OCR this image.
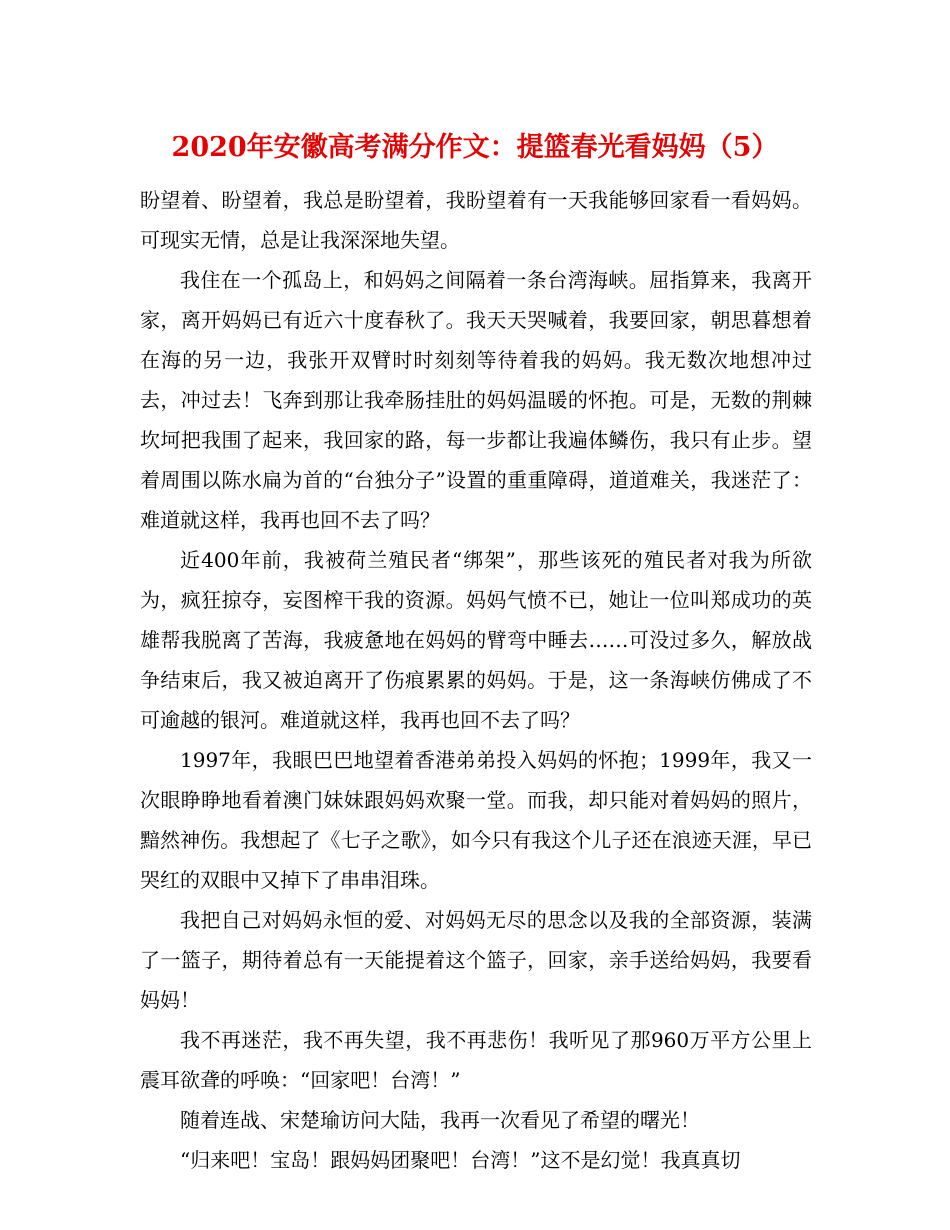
2020年安徽高考满分作文：提篮春光看妈妈（5）

盼望着、盼望着，我总是盼望着，我盼望着有一天我能够回家看一看妈妈。可现实无情，总是让我深深地失望。

我住在一个孤岛上，和妈妈之间隔着一条台湾海峡。屈指算来，我离开家，离开妈妈已有近六十度春秋了。我天天哭喊着，我要回家，朝思暮想着在海的另一边，我张开双臂时时刻刻等待着我的妈妈。我无数次地想冲过去，冲过去！飞奔到那让我牵肠挂肚的妈妈温暖的怀抱。可是，无数的荆棘坎坷把我围了起来，我回家的路，每一步都让我遍体鳞伤，我只有止步。望着周围以陈水扁为首的“台独分子”设置的重重障碍，道道难关，我迷茫了：难道就这样，我再也回不去了吗？

近400年前，我被荷兰殖民者“绑架”，那些该死的殖民者对我为所欲为，疯狂掠夺，妄图榨干我的资源。妈妈气愤不已，她让一位叫郑成功的英雄帮我脱离了苦海，我疲惫地在妈妈的臂弯中睡去……可没过多久，解放战争结束后，我又被迫离开了伤痕累累的妈妈。于是，这一条海峡仿佛成了不可逾越的银河。难道就这样，我再也回不去了吗？

1997年，我眼巴巴地望着香港弟弟投入妈妈的怀抱；1999年，我又一次眼睁睁地看着澳门妹妹跟妈妈欢聚一堂。而我，却只能对着妈妈的照片，黯然神伤。我想起了《七子之歌》，如今只有我这个儿子还在浪迹天涯，早已哭红的双眼中又掉下了串串泪珠。

我把自己对妈妈永恒的爱、对妈妈无尽的思念以及我的全部资源，装满了一篮子，期待着总有一天能提着这个篮子，回家，亲手送给妈妈，我要看妈妈！

我不再迷茫，我不再失望，我不再悲伤！我听见了那960万平方公里上震耳欲聋的呼唤：“回家吧！台湾！”

随着连战、宋楚瑜访问大陆，我再一次看见了希望的曙光！

“归来吧！宝岛！跟妈妈团聚吧！台湾！”这不是幻觉！我真真切
